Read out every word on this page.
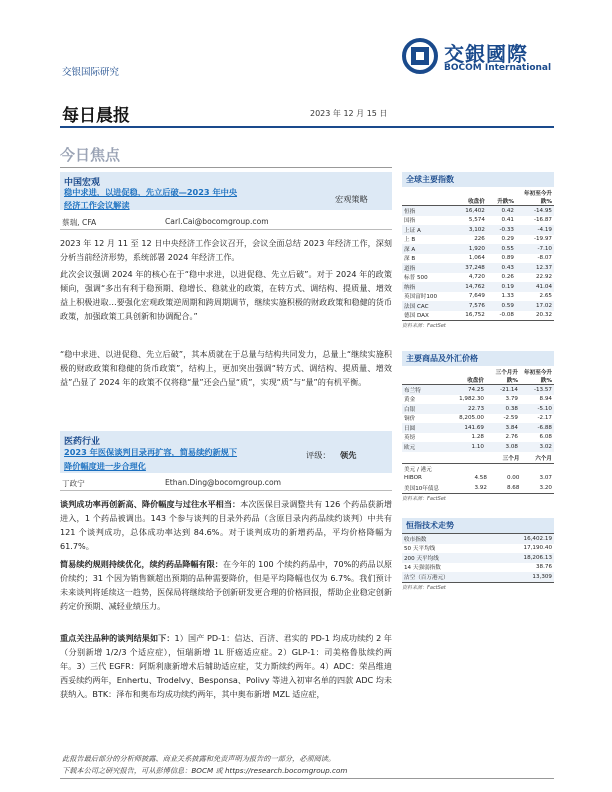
交银国际研究
交銀國際
BOCOM International
每日晨报	2023 年 12 月 15 日
今日焦点
中国宏观
稳中求进，以进促稳，先立后破—2023 年中央
经济工作会议解读
宏观策略
蔡瑞, CFA	Carl.Cai@bocomgroup.com

2023 年 12 月 11 至 12 日中央经济工作会议召开，会议全面总结 2023 年经济工作，深刻分析当前经济形势，系统部署 2024 年经济工作。

此次会议强调 2024 年的核心在于“稳中求进，以进促稳、先立后破”。对于 2024 年的政策倾向，强调“多出有利于稳预期、稳增长、稳就业的政策，在转方式、调结构、提质量、增效益上积极进取…要强化宏观政策逆周期和跨周期调节，继续实施积极的财政政策和稳健的货币政策，加强政策工具创新和协调配合。”

“稳中求进、以进促稳、先立后破”，其本质就在于总量与结构共同发力，总量上“继续实施积极的财政政策和稳健的货币政策”，结构上，更加突出强调“转方式、调结构、提质量、增效益”凸显了 2024 年的政策不仅将稳“量”还会凸显“质”，实现“质”与“量”的有机平衡。

医药行业
2023 年医保谈判目录再扩容，简易续约新规下
降价幅度进一步合理化
评级： 领先
丁政宁	Ethan.Ding@bocomgroup.com

谈判成功率再创新高、降价幅度与过往水平相当：本次医保目录调整共有 126 个药品获新增进入，1 个药品被调出。143 个参与谈判的目录外药品（含原目录内药品续约谈判）中共有 121 个谈判成功，总体成功率达到 84.6%。对于谈判成功的新增药品，平均价格降幅为 61.7%。

简易续约规则持续优化，续约药品降幅有限：在今年的 100 个续约药品中，70%的药品以原价续约；31 个因为销售额超出预期的品种需要降价，但是平均降幅也仅为 6.7%。我们预计未来谈判将延续这一趋势，医保局将继续给予创新研发更合理的价格回报，帮助企业稳定创新药定价预期、减轻业绩压力。

重点关注品种的谈判结果如下：1）国产 PD-1：信达、百济、君实的 PD-1 均成功续约 2 年（分别新增 1/2/3 个适应症），恒瑞新增 1L 肝癌适应症。2）GLP-1：司美格鲁肽续约两年。3）三代 EGFR：阿斯利康新增术后辅助适应症，艾力斯续约两年。4）ADC：荣昌维迪西妥续约两年，Enhertu、Trodelvy、Besponsa、Polivy 等进入初审名单的四款 ADC 均未获纳入。BTK：泽布和奥布均成功续约两年，其中奥布新增 MZL 适应症，

全球主要指数
	收盘价	升跌%	年初至今升跌%
恒指	16,402	0.42	-14.95
国指	5,574	0.41	-16.87
上证 A	3,102	-0.33	-4.19
上 B	226	0.29	-19.97
深 A	1,920	0.55	-7.10
深 B	1,064	0.89	-8.07
道指	37,248	0.43	12.37
标普 500	4,720	0.26	22.92
纳指	14,762	0.19	41.04
英国富时100	7,649	1.33	2.65
法国 CAC	7,576	0.59	17.02
德国 DAX	16,752	-0.08	20.32
资料来源：FactSet
主要商品及外汇价格
	收盘价	三个月升跌%	年初至今升跌%
布兰特	74.25	-21.14	-13.57
黄金	1,982.30	3.79	8.94
白银	22.73	0.38	-5.10
铜价	8,205.00	-2.59	-2.17
日圆	141.69	3.84	-6.88
英镑	1.28	2.76	6.08
欧元	1.10	3.08	3.02
		三个月	六个月
美元 / 港元			
HIBOR	4.58	0.00	3.07
美国10年债息	3.92	8.68	3.20
资料来源：FactSet
恒指技术走势
收市指数	16,402.19
50 天平均线	17,190.40
200 天平均线	18,206.13
14 天强弱指数	38.76
沽空（百万港元）	13,309
资料来源：FactSet
此报告最后部分的分析师披露、商业关系披露和免责声明为报告的一部分，必须阅读。
下载本公司之研究报告，可从彭博信息：BOCM 或 https://research.bocomgroup.com
